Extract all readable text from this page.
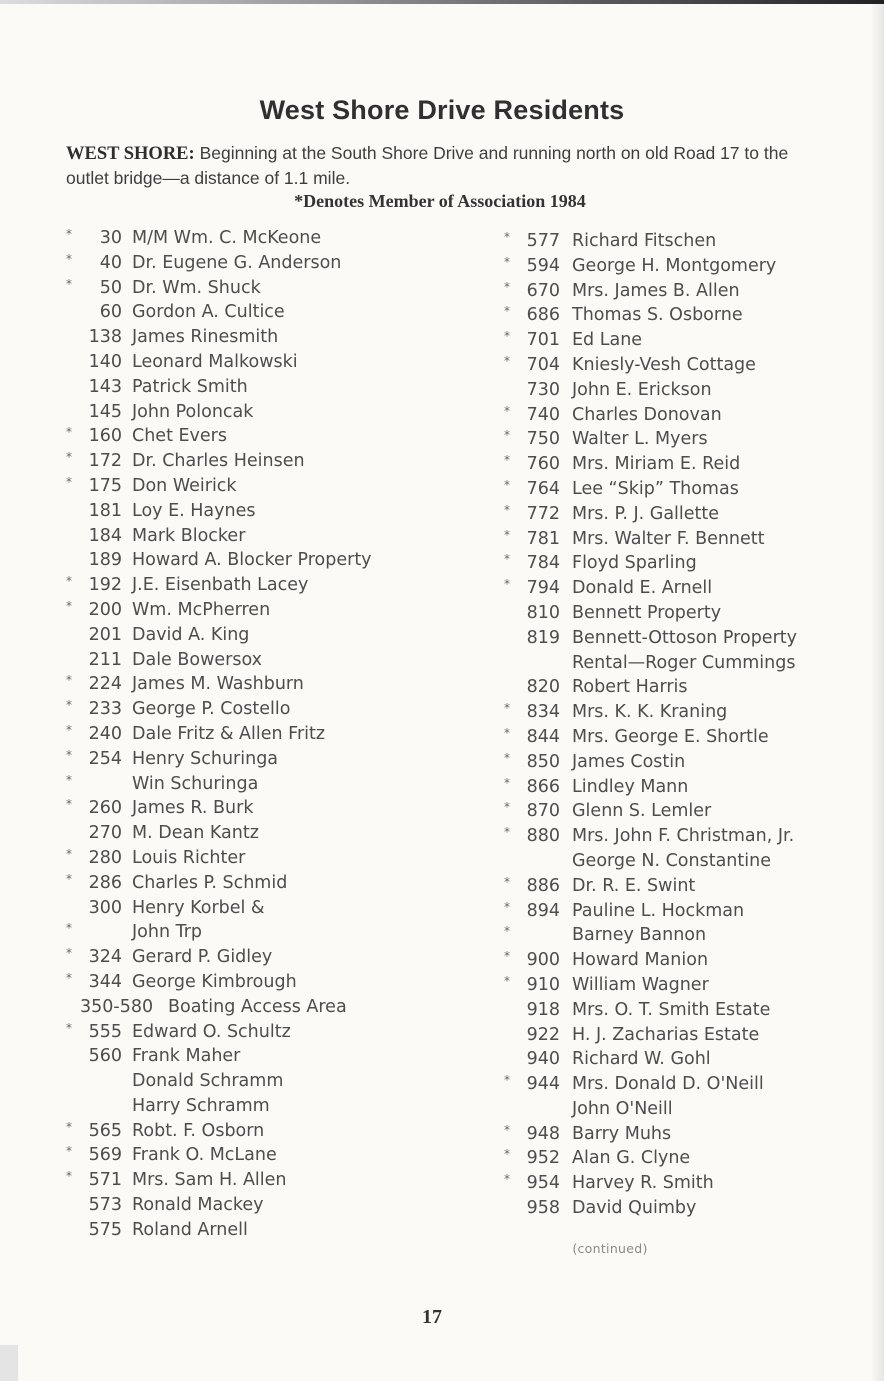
West Shore Drive Residents

WEST SHORE: Beginning at the South Shore Drive and running north on old Road 17 to the outlet bridge—a distance of 1.1 mile.

*Denotes Member of Association 1984
*	30 M/M Wm. C. McKeone
*	40 Dr. Eugene G. Anderson
*	50 Dr. Wm. Shuck
60 Gordon A. Cultice
138 James Rinesmith
140 Leonard Malkowski
143 Patrick Smith
145 John Poloncak
* 160 Chet Evers
* 172 Dr. Charles Heinsen
* 175 Don Weirick
181 Loy E. Haynes
184 Mark Blocker
189 Howard A. Blocker Property
* 192 J.E. Eisenbath Lacey
* 200 Wm. McPherren
201 David A. King
211 Dale Bowersox
* 224 James M. Washburn
* 233 George P. Costello
* 240 Dale Fritz & Allen Fritz
* 254 Henry Schuringa
*	Win Schuringa
* 260 James R. Burk
270 M. Dean Kantz
* 280 Louis Richter
* 286 Charles P. Schmid
300 Henry Korbel &
*	John Trp
* 324 Gerard P. Gidley
* 344 George Kimbrough
350-580 Boating Access Area
* 555 Edward O. Schultz
560 Frank Maher
Donald Schramm
Harry Schramm
* 565 Robt. F. Osborn
* 569 Frank O. McLane
* 571 Mrs. Sam H. Allen
573 Ronald Mackey
575 Roland Arnell
* 577 Richard Fitschen
* 594 George H. Montgomery
* 670 Mrs. James B. Allen
* 686 Thomas S. Osborne
* 701 Ed Lane
* 704 Kniesly-Vesh Cottage
730 John E. Erickson
* 740 Charles Donovan
* 750 Walter L. Myers
* 760 Mrs. Miriam E. Reid
* 764 Lee “Skip” Thomas
* 772 Mrs. P. J. Gallette
* 781 Mrs. Walter F. Bennett
* 784 Floyd Sparling
* 794 Donald E. Arnell
810 Bennett Property
819 Bennett-Ottoson Property
Rental—Roger Cummings
820 Robert Harris
* 834 Mrs. K. K. Kraning
* 844 Mrs. George E. Shortle
* 850 James Costin
* 866 Lindley Mann
* 870 Glenn S. Lemler
* 880 Mrs. John F. Christman, Jr.
George N. Constantine
* 886 Dr. R. E. Swint
* 894 Pauline L. Hockman
*	Barney Bannon
* 900 Howard Manion
* 910 William Wagner
918 Mrs. O. T. Smith Estate
922 H. J. Zacharias Estate
940 Richard W. Gohl
* 944 Mrs. Donald D. O'Neill
John O'Neill
* 948 Barry Muhs
* 952 Alan G. Clyne
* 954 Harvey R. Smith
958 David Quimby
(continued)
17
